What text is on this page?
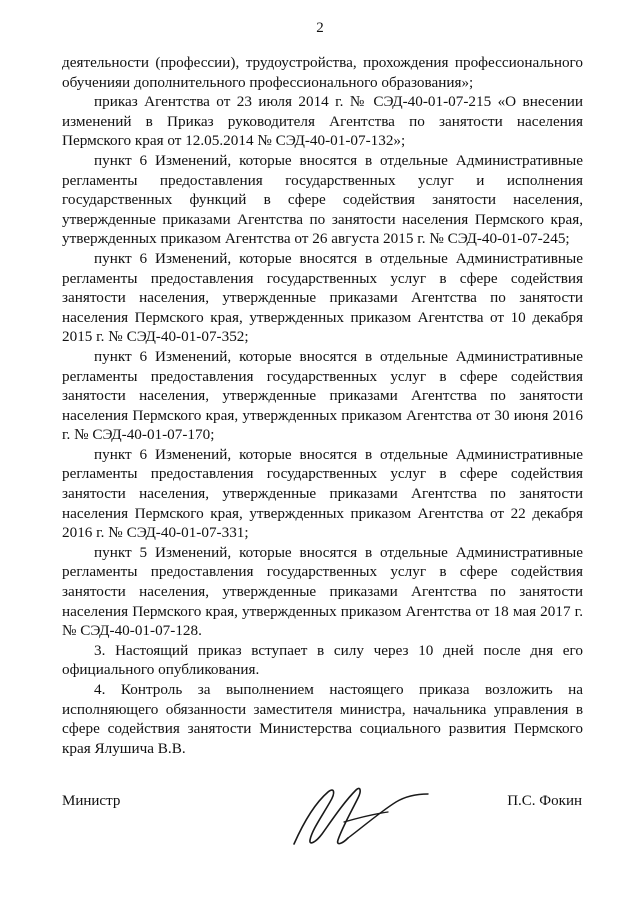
2

деятельности (профессии), трудоустройства, прохождения профессионального обученияи дополнительного профессионального образования»;

приказ Агентства от 23 июля 2014 г. № СЭД-40-01-07-215 «О внесении изменений в Приказ руководителя Агентства по занятости населения Пермского края от 12.05.2014 № СЭД-40-01-07-132»;

пункт 6 Изменений, которые вносятся в отдельные Административные регламенты предоставления государственных услуг и исполнения государственных функций в сфере содействия занятости населения, утвержденные приказами Агентства по занятости населения Пермского края, утвержденных приказом Агентства от 26 августа 2015 г. № СЭД-40-01-07-245;

пункт 6 Изменений, которые вносятся в отдельные Административные регламенты предоставления государственных услуг в сфере содействия занятости населения, утвержденные приказами Агентства по занятости населения Пермского края, утвержденных приказом Агентства от 10 декабря 2015 г. № СЭД-40-01-07-352;

пункт 6 Изменений, которые вносятся в отдельные Административные регламенты предоставления государственных услуг в сфере содействия занятости населения, утвержденные приказами Агентства по занятости населения Пермского края, утвержденных приказом Агентства от 30 июня 2016 г. № СЭД-40-01-07-170;

пункт 6 Изменений, которые вносятся в отдельные Административные регламенты предоставления государственных услуг в сфере содействия занятости населения, утвержденные приказами Агентства по занятости населения Пермского края, утвержденных приказом Агентства от 22 декабря 2016 г. № СЭД-40-01-07-331;

пункт 5 Изменений, которые вносятся в отдельные Административные регламенты предоставления государственных услуг в сфере содействия занятости населения, утвержденные приказами Агентства по занятости населения Пермского края, утвержденных приказом Агентства от 18 мая 2017 г. № СЭД-40-01-07-128.

3. Настоящий приказ вступает в силу через 10 дней после дня его официального опубликования.

4. Контроль за выполнением настоящего приказа возложить на исполняющего обязанности заместителя министра, начальника управления в сфере содействия занятости Министерства социального развития Пермского края Ялушича В.В.

Министр	П.С. Фокин
